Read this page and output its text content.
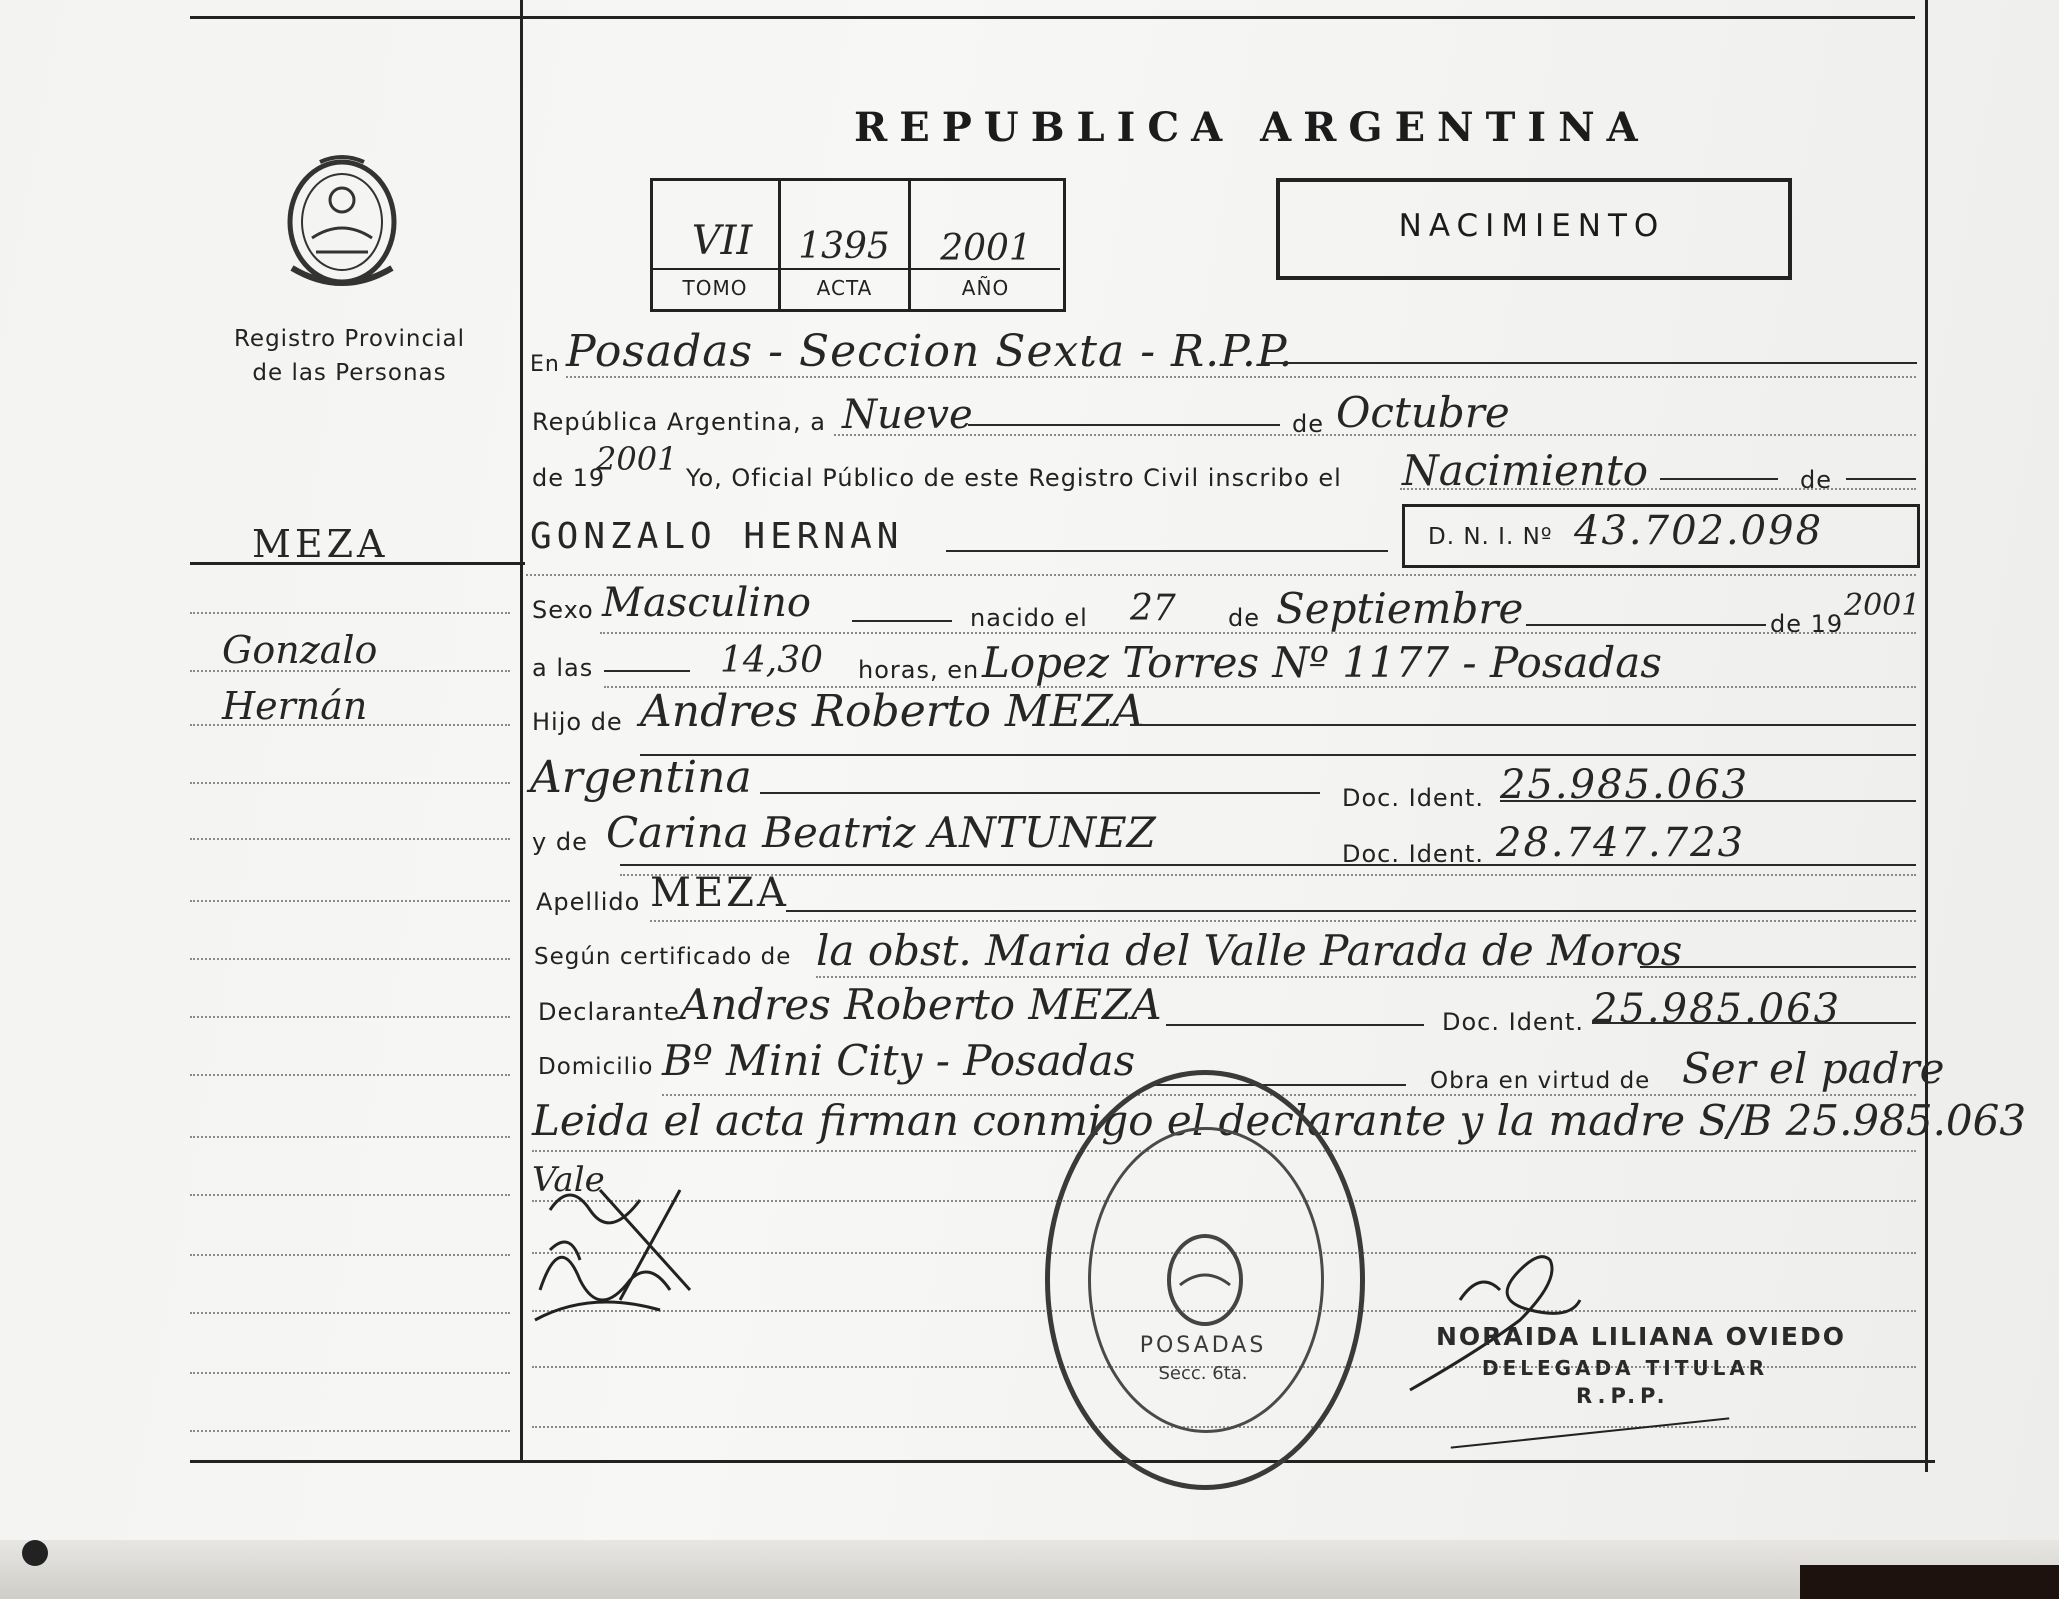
Registro Provincial
de las Personas
REPUBLICA ARGENTINA
VII	1395	2001
TOMO	ACTA	AÑO
NACIMIENTO
MEZA
Gonzalo
Hernán
En Posadas - Seccion Sexta - R.P.P.
República Argentina, a Nueve	de Octubre
de 19
2001 Yo, Oficial Público de este Registro Civil inscribo el Nacimiento	de
GONZALO HERNAN	D. N. I. Nº 43.702.098
Sexo Masculino	nacido el 27 de Septiembre	de 19
2001
a las	14,30 horas, en Lopez Torres Nº 1177 - Posadas
Hijo de Andres Roberto MEZA
Argentina	Doc. Ident. 25.985.063
y de Carina Beatriz ANTUNEZ	Doc. Ident. 28.747.723
Apellido MEZA
Según certificado de la obst. Maria del Valle Parada de Moros
Declarante Andres Roberto MEZA	Doc. Ident. 25.985.063
Domicilio Bº Mini City - Posadas	Obra en virtud de Ser el padre
Leida el acta firman conmigo el declarante y la madre S/B 25.985.063
Vale
POSADAS
Secc. 6ta.
NORAIDA LILIANA OVIEDO
DELEGADA TITULAR
R.P.P.
